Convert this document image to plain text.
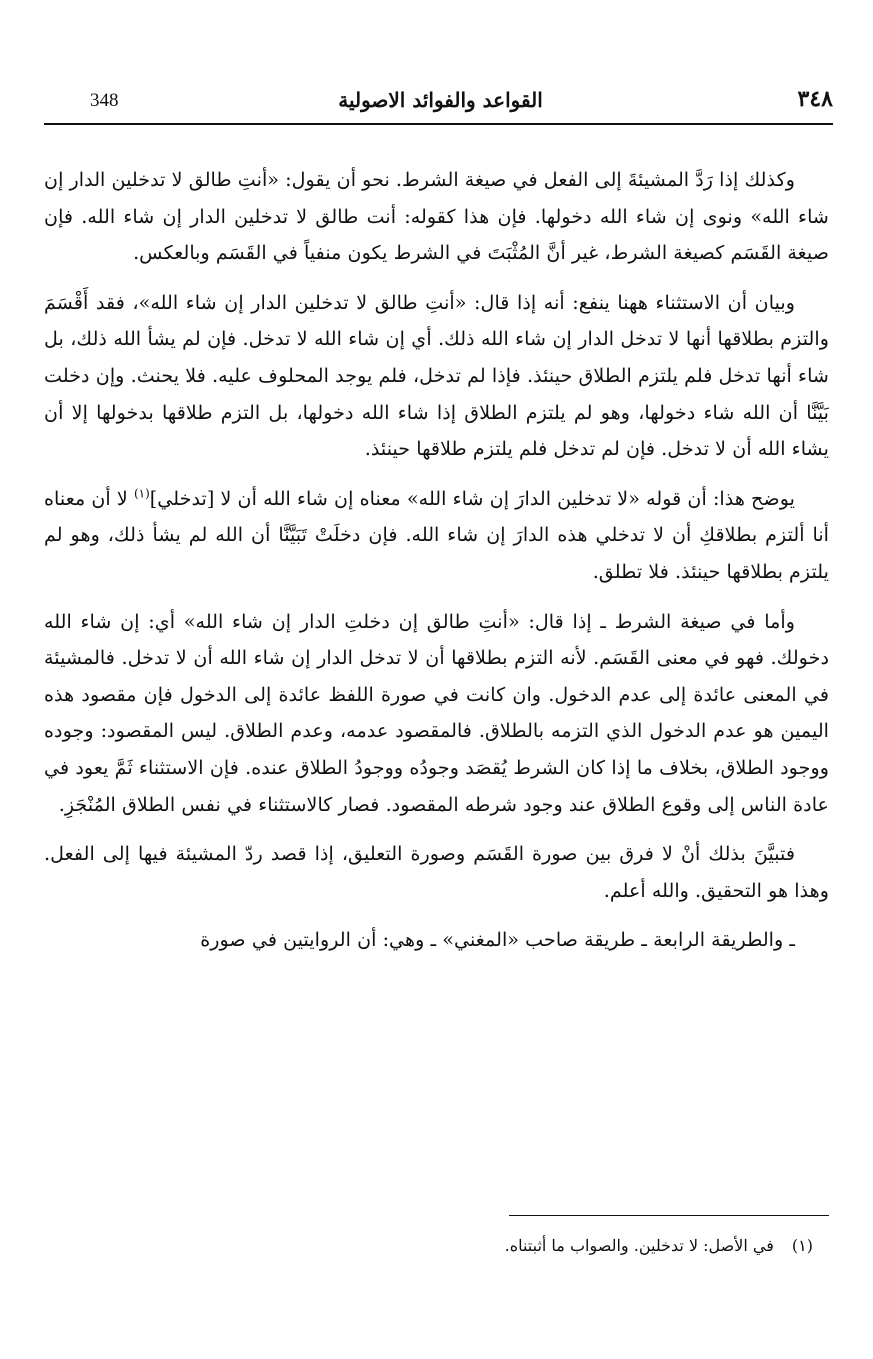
348	القواعد والفوائد الاصولية	٣٤٨

وكذلك إذا رَدَّ المشيئةَ إلى الفعل في صيغة الشرط. نحو أن يقول: «أنتِ طالق لا تدخلين الدار إن شاء الله» ونوى إن شاء الله دخولها. فإن هذا كقوله: أنت طالق لا تدخلين الدار إن شاء الله. فإن صيغة القَسَم كصيغة الشرط، غير أنَّ المُثْبَتَ في الشرط يكون منفياً في القَسَم وبالعكس.

وبيان أن الاستثناء ههنا ينفع: أنه إذا قال: «أنتِ طالق لا تدخلين الدار إن شاء الله»، فقد أَقْسَمَ والتزم بطلاقها أنها لا تدخل الدار إن شاء الله ذلك. أي إن شاء الله لا تدخل. فإن لم يشأ الله ذلك، بل شاء أنها تدخل فلم يلتزم الطلاق حينئذ. فإذا لم تدخل، فلم يوجد المحلوف عليه. فلا يحنث. وإن دخلت بَيَّنَّا أن الله شاء دخولها، وهو لم يلتزم الطلاق إذا شاء الله دخولها، بل التزم طلاقها بدخولها إلا أن يشاء الله أن لا تدخل. فإن لم تدخل فلم يلتزم طلاقها حينئذ.

يوضح هذا: أن قوله «لا تدخلين الدارَ إن شاء الله» معناه إن شاء الله أن لا [تدخلي]$^{(١)}$ لا أن معناه أنا ألتزم بطلاقكِ أن لا تدخلي هذه الدارَ إن شاء الله. فإن دخلَتْ تَبَيَّنَّا أن الله لم يشأ ذلك، وهو لم يلتزم بطلاقها حينئذ. فلا تطلق.

وأما في صيغة الشرط ـ إذا قال: «أنتِ طالق إن دخلتِ الدار إن شاء الله» أي: إن شاء الله دخولك. فهو في معنى القَسَم. لأنه التزم بطلاقها أن لا تدخل الدار إن شاء الله أن لا تدخل. فالمشيئة في المعنى عائدة إلى عدم الدخول. وان كانت في صورة اللفظ عائدة إلى الدخول فإن مقصود هذه اليمين هو عدم الدخول الذي التزمه بالطلاق. فالمقصود عدمه، وعدم الطلاق. ليس المقصود: وجوده ووجود الطلاق، بخلاف ما إذا كان الشرط يُقصَد وجودُه ووجودُ الطلاق عنده. فإن الاستثناء ثَمَّ يعود في عادة الناس إلى وقوع الطلاق عند وجود شرطه المقصود. فصار كالاستثناء في نفس الطلاق المُنْجَزِ.

فتبيَّنَ بذلك أنْ لا فرق بين صورة القَسَم وصورة التعليق، إذا قصد ردّ المشيئة فيها إلى الفعل. وهذا هو التحقيق. والله أعلم.

ـ والطريقة الرابعة ـ طريقة صاحب «المغني» ـ وهي: أن الروايتين في صورة

(١)في الأصل: لا تدخلين. والصواب ما أثبتناه.
